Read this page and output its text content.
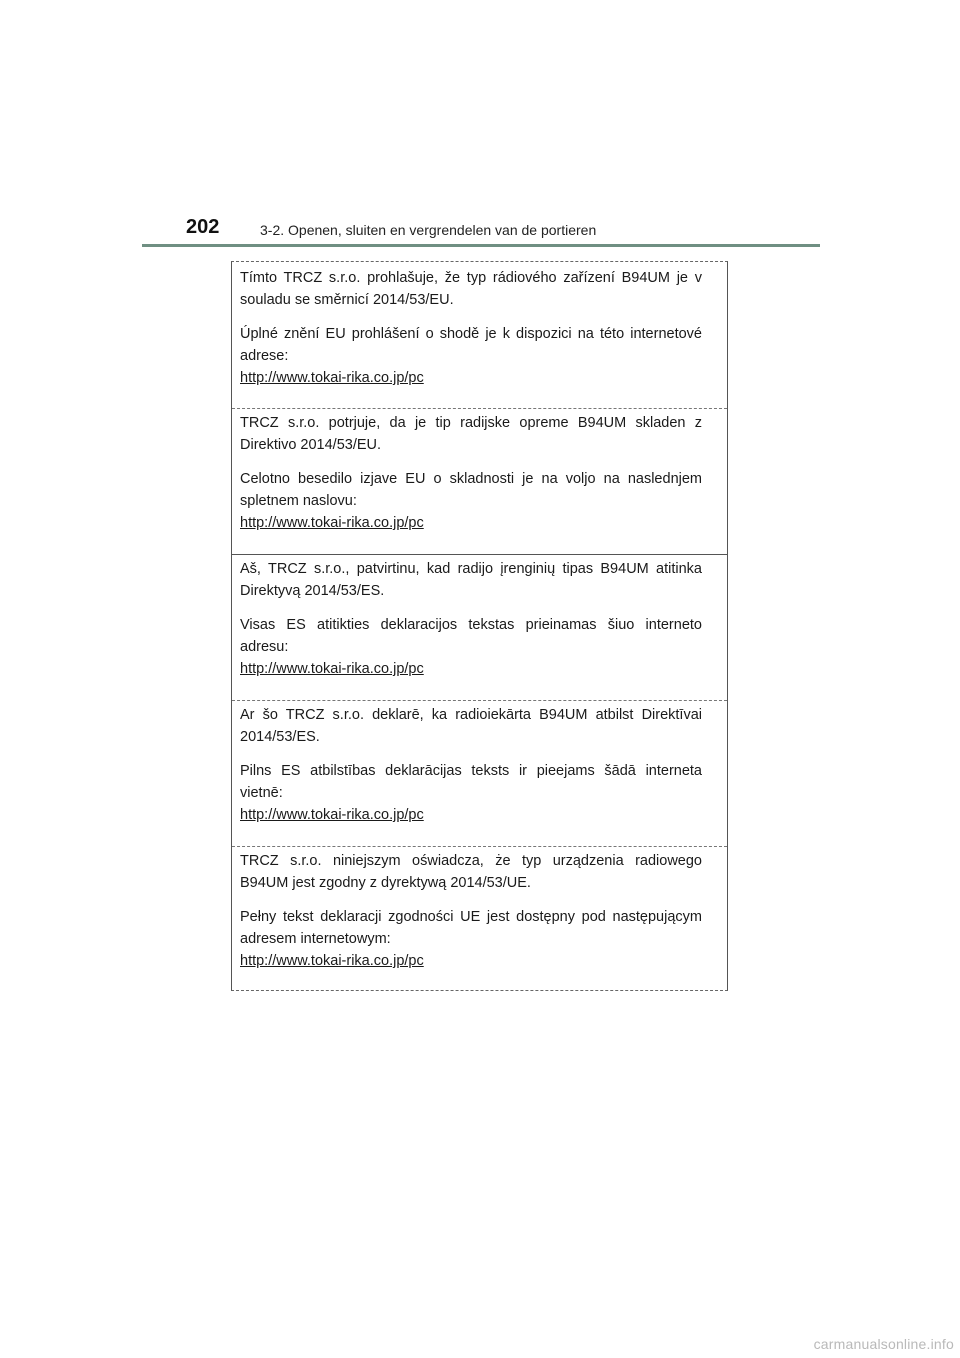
202	3-2. Openen, sluiten en vergrendelen van de portieren

Tímto TRCZ s.r.o. prohlašuje, že typ rádiového zařízení B94UM je v souladu se směrnicí 2014/53/EU.

Úplné znění EU prohlášení o shodě je k dispozici na této internetové adrese:

http://www.tokai-rika.co.jp/pc

TRCZ s.r.o. potrjuje, da je tip radijske opreme B94UM skladen z Direktivo 2014/53/EU.

Celotno besedilo izjave EU o skladnosti je na voljo na naslednjem spletnem naslovu:

http://www.tokai-rika.co.jp/pc

Aš, TRCZ s.r.o., patvirtinu, kad radijo įrenginių tipas B94UM atitinka Direktyvą 2014/53/ES.

Visas ES atitikties deklaracijos tekstas prieinamas šiuo interneto adresu:

http://www.tokai-rika.co.jp/pc

Ar šo TRCZ s.r.o. deklarē, ka radioiekārta B94UM atbilst Direktīvai 2014/53/ES.

Pilns ES atbilstības deklarācijas teksts ir pieejams šādā interneta vietnē:

http://www.tokai-rika.co.jp/pc

TRCZ s.r.o. niniejszym oświadcza, że typ urządzenia radiowego B94UM jest zgodny z dyrektywą 2014/53/UE.

Pełny tekst deklaracji zgodności UE jest dostępny pod następującym adresem internetowym:

http://www.tokai-rika.co.jp/pc

carmanualsonline.info
